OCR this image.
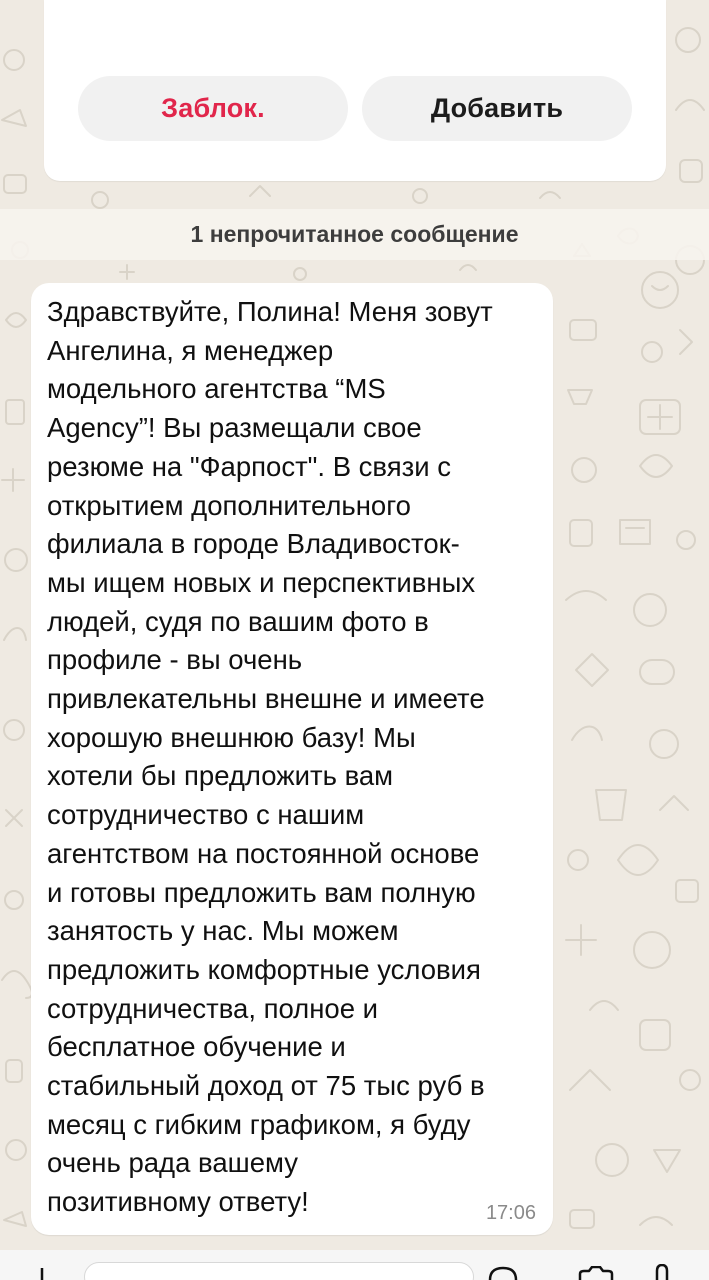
Заблок.	Добавить
1 непрочитанное сообщение
Здравствуйте, Полина! Меня зовут
Ангелина, я менеджер
модельного агентства “MS
Agency”! Вы размещали свое
резюме на "Фарпост". В связи с
открытием дополнительного
филиала в городе Владивосток-
мы ищем новых и перспективных
людей, судя по вашим фото в
профиле - вы очень
привлекательны внешне и имеете
хорошую внешнюю базу! Мы
хотели бы предложить вам
сотрудничество с нашим
агентством на постоянной основе
и готовы предложить вам полную
занятость у нас. Мы можем
предложить комфортные условия
сотрудничества, полное и
бесплатное обучение и
стабильный доход от 75 тыс руб в
месяц с гибким графиком, я буду
очень рада вашему
позитивному ответу!	17:06
